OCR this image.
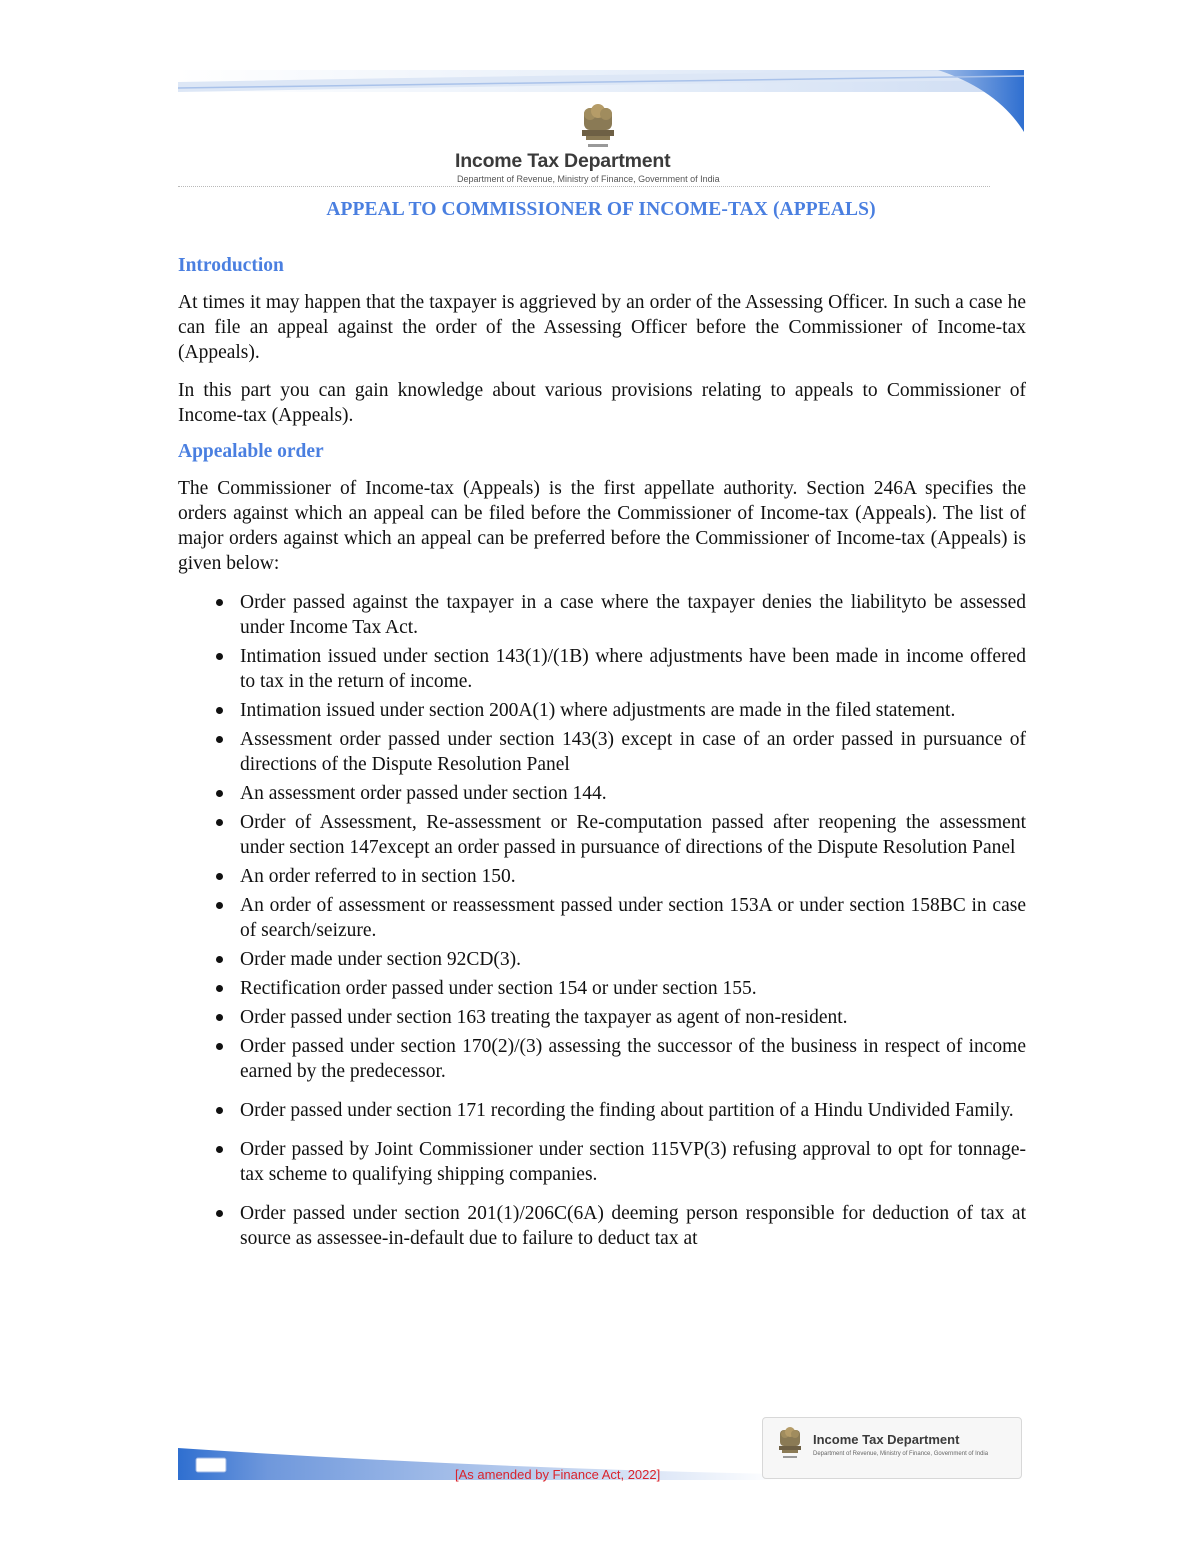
Income Tax Department
Department of Revenue, Ministry of Finance, Government of India
APPEAL TO COMMISSIONER OF INCOME-TAX (APPEALS)
Introduction

At times it may happen that the taxpayer is aggrieved by an order of the Assessing Officer. In such a case he can file an appeal against the order of the Assessing Officer before the Commissioner of Income-tax (Appeals).

In this part you can gain knowledge about various provisions relating to appeals to Commissioner of Income-tax (Appeals).

Appealable order

The Commissioner of Income-tax (Appeals) is the first appellate authority. Section 246A specifies the orders against which an appeal can be filed before the Commissioner of Income-tax (Appeals). The list of major orders against which an appeal can be preferred before the Commissioner of Income-tax (Appeals) is given below:

Order passed against the taxpayer in a case where the taxpayer denies the liabilityto be assessed under Income Tax Act.
Intimation issued under section 143(1)/(1B) where adjustments have been made in income offered to tax in the return of income.
Intimation issued under section 200A(1) where adjustments are made in the filed statement.
Assessment order passed under section 143(3) except in case of an order passed in pursuance of directions of the Dispute Resolution Panel
An assessment order passed under section 144.
Order of Assessment, Re-assessment or Re-computation passed after reopening the assessment under section 147except an order passed in pursuance of directions of the Dispute Resolution Panel
An order referred to in section 150.
An order of assessment or reassessment passed under section 153A or under section 158BC in case of search/seizure.
Order made under section 92CD(3).
Rectification order passed under section 154 or under section 155.
Order passed under section 163 treating the taxpayer as agent of non-resident.
Order passed under section 170(2)/(3) assessing the successor of the business in respect of income earned by the predecessor.
Order passed under section 171 recording the finding about partition of a Hindu Undivided Family.
Order passed by Joint Commissioner under section 115VP(3) refusing approval to opt for tonnage-tax scheme to qualifying shipping companies.
Order passed under section 201(1)/206C(6A) deeming person responsible for deduction of tax at source as assessee-in-default due to failure to deduct tax at
Income Tax Department
Department of Revenue, Ministry of Finance, Government of India
[As amended by Finance Act, 2022]
